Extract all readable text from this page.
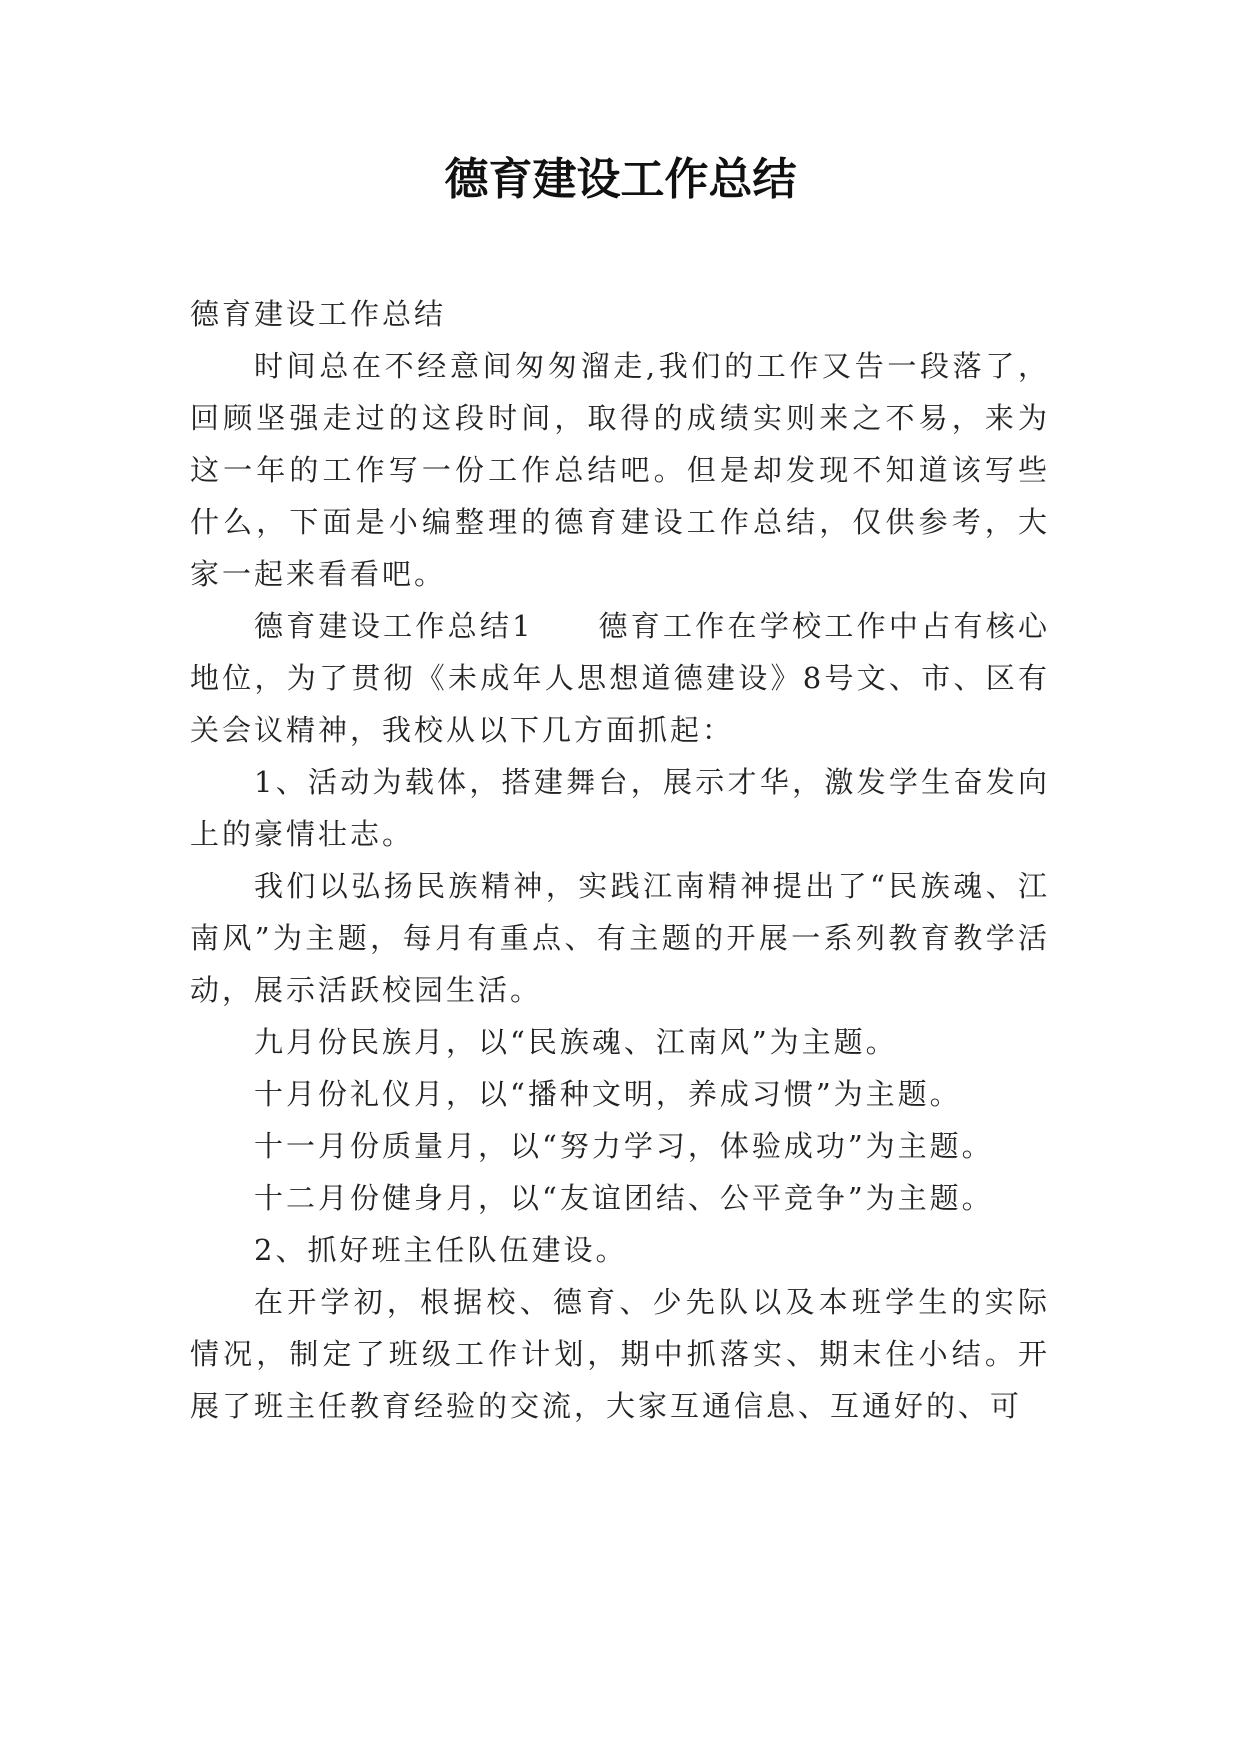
德育建设工作总结

德育建设工作总结

时间总在不经意间匆匆溜走,我们的工作又告一段落了，回顾坚强走过的这段时间，取得的成绩实则来之不易，来为这一年的工作写一份工作总结吧。但是却发现不知道该写些什么，下面是小编整理的德育建设工作总结，仅供参考，大家一起来看看吧。

德育建设工作总结1　　德育工作在学校工作中占有核心地位，为了贯彻《未成年人思想道德建设》8号文、市、区有关会议精神，我校从以下几方面抓起：

1、活动为载体，搭建舞台，展示才华，激发学生奋发向上的豪情壮志。

我们以弘扬民族精神，实践江南精神提出了“民族魂、江南风”为主题，每月有重点、有主题的开展一系列教育教学活动，展示活跃校园生活。

九月份民族月，以“民族魂、江南风”为主题。

十月份礼仪月，以“播种文明，养成习惯”为主题。

十一月份质量月，以“努力学习，体验成功”为主题。

十二月份健身月，以“友谊团结、公平竞争”为主题。

2、抓好班主任队伍建设。

在开学初，根据校、德育、少先队以及本班学生的实际情况，制定了班级工作计划，期中抓落实、期末住小结。开展了班主任教育经验的交流，大家互通信息、互通好的、可
